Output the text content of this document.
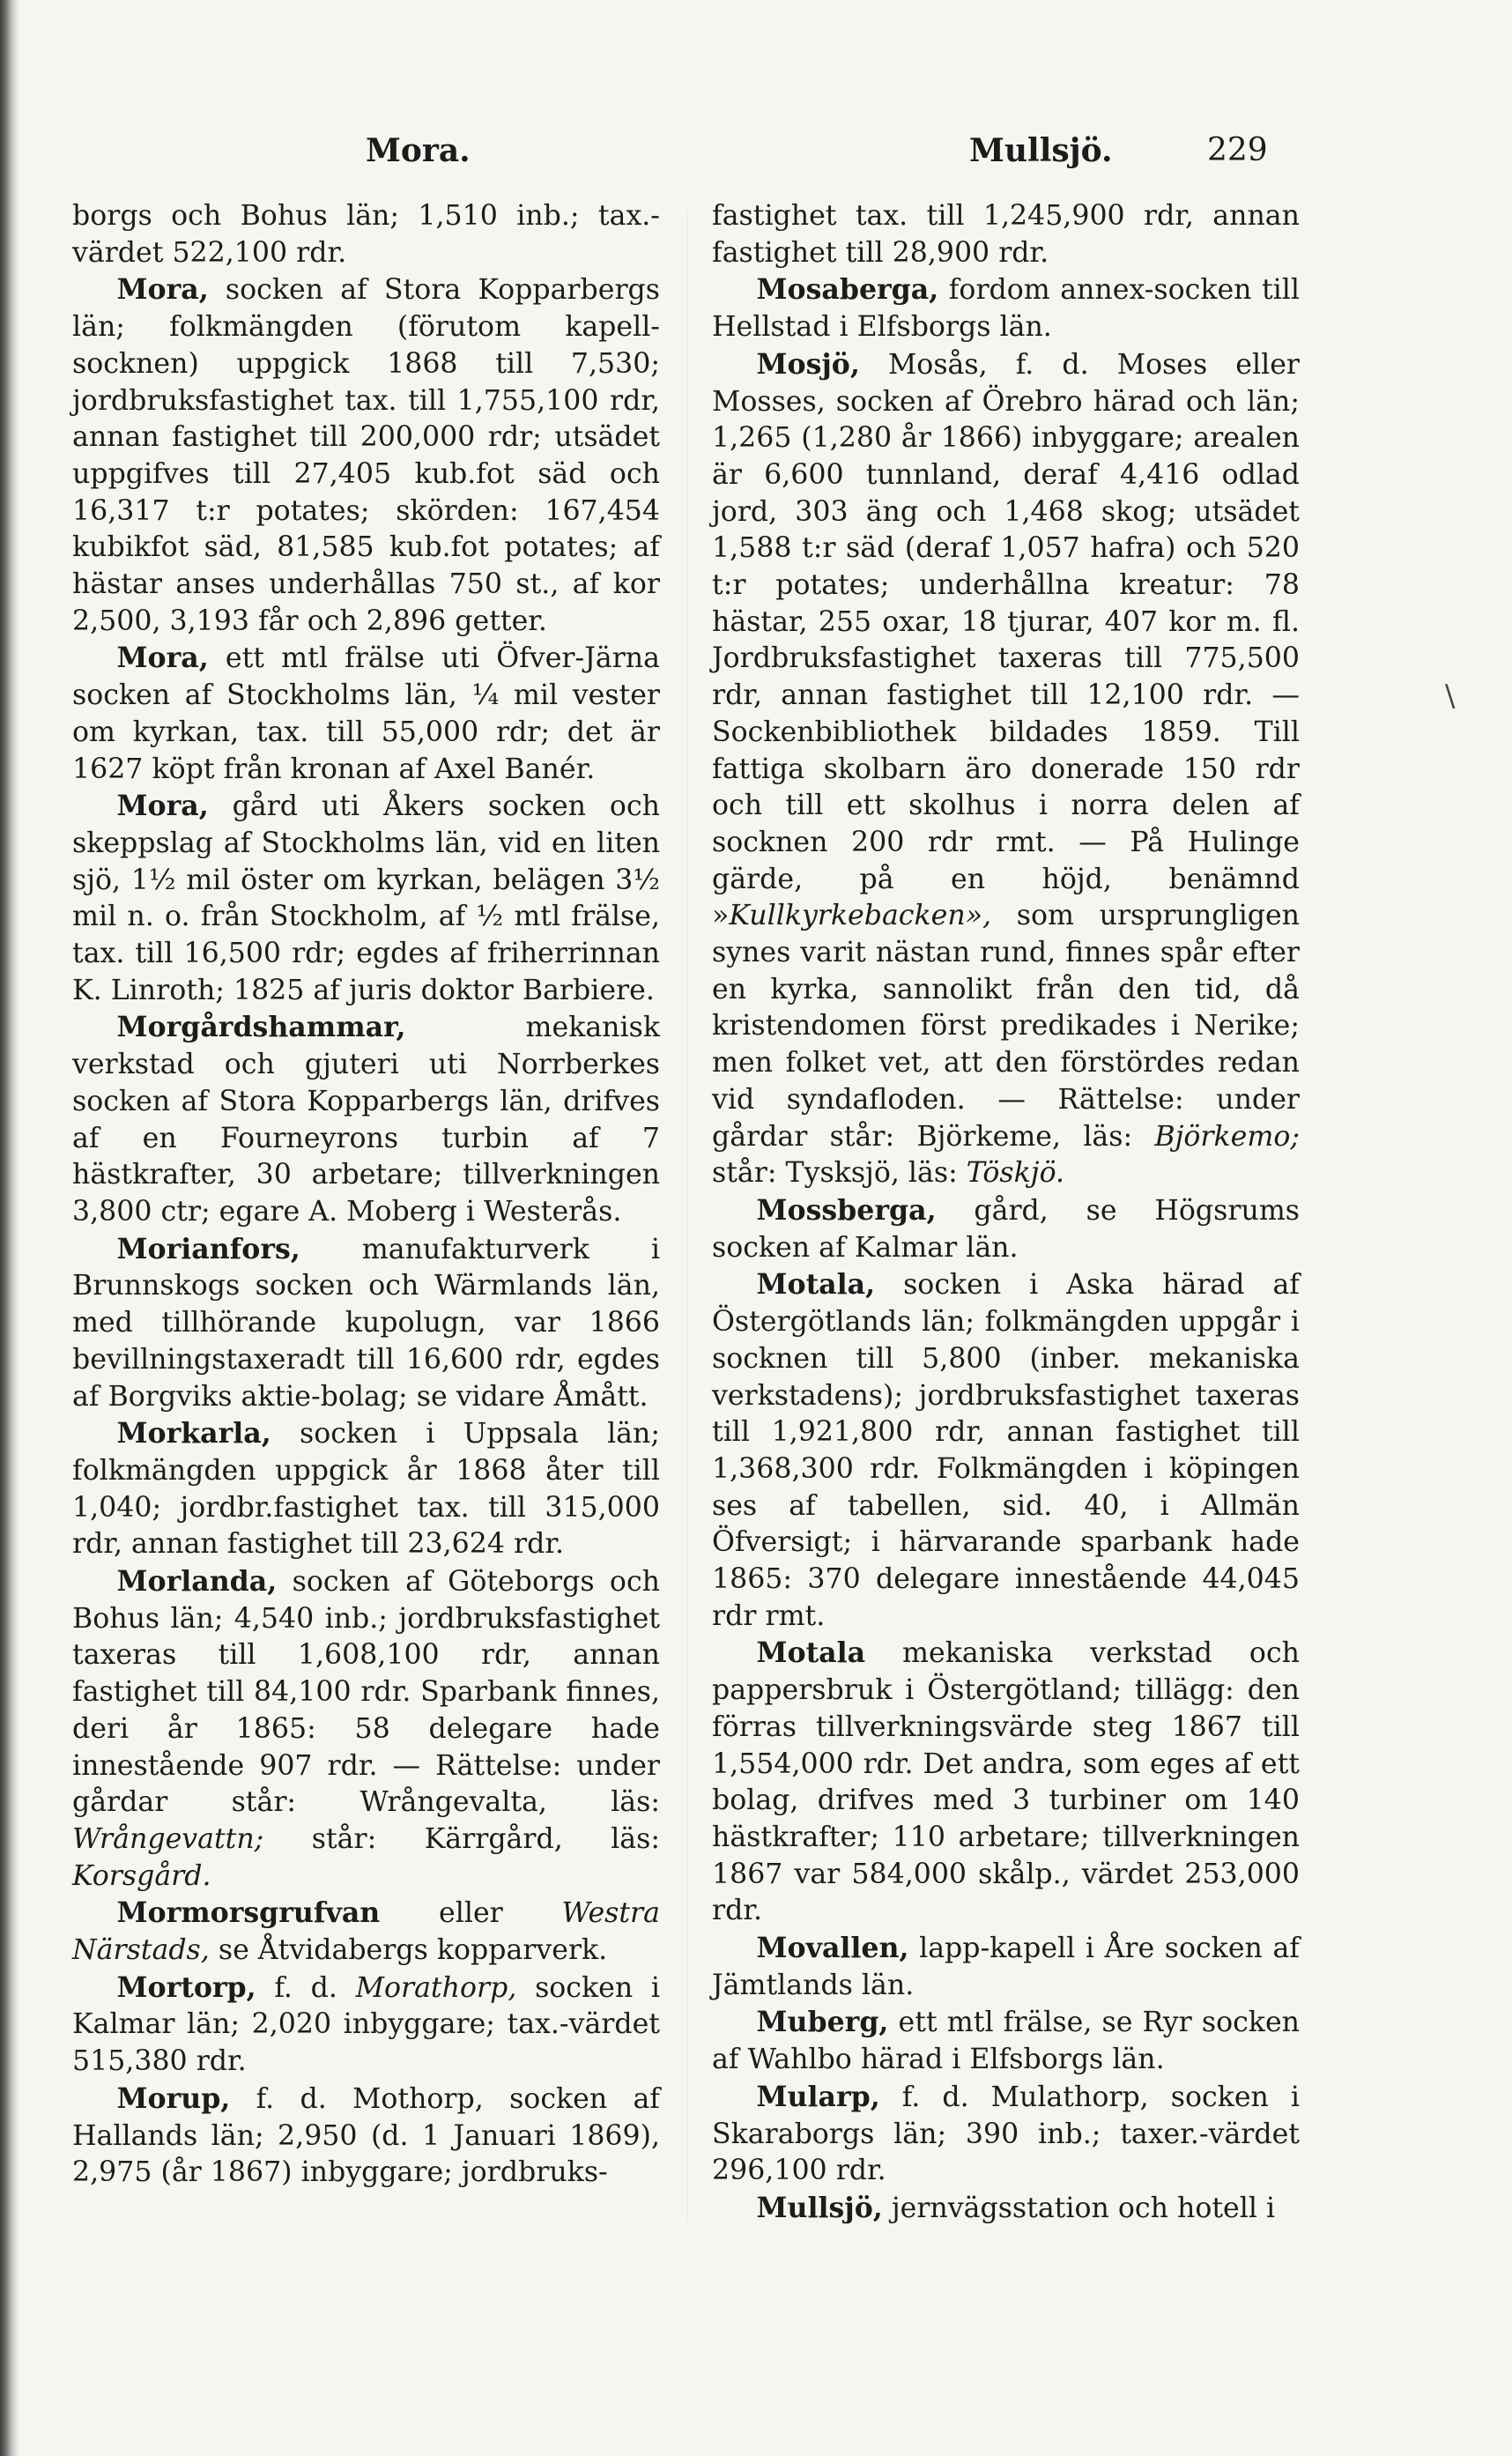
Mora.	Mullsjö.	229

borgs och Bohus län; 1,510 inb.; tax.-värdet 522,100 rdr.

Mora, socken af Stora Kopparbergs län; folkmängden (förutom kapell-socknen) uppgick 1868 till 7,530; jordbruksfastighet tax. till 1,755,100 rdr, annan fastighet till 200,000 rdr; utsädet uppgifves till 27,405 kub.fot säd och 16,317 t:r potates; skörden: 167,454 kubikfot säd, 81,585 kub.fot potates; af hästar anses underhållas 750 st., af kor 2,500, 3,193 får och 2,896 getter.

Mora, ett mtl frälse uti Öfver-Järna socken af Stockholms län, ¼ mil vester om kyrkan, tax. till 55,000 rdr; det är 1627 köpt från kronan af Axel Banér.

Mora, gård uti Åkers socken och skeppslag af Stockholms län, vid en liten sjö, 1½ mil öster om kyrkan, belägen 3½ mil n. o. från Stockholm, af ½ mtl frälse, tax. till 16,500 rdr; egdes af friherrinnan K. Linroth; 1825 af juris doktor Barbiere.

Morgårdshammar, mekanisk verkstad och gjuteri uti Norrberkes socken af Stora Kopparbergs län, drifves af en Fourneyrons turbin af 7 hästkrafter, 30 arbetare; tillverkningen 3,800 ctr; egare A. Moberg i Westerås.

Morianfors, manufakturverk i Brunnskogs socken och Wärmlands län, med tillhörande kupolugn, var 1866 bevillningstaxeradt till 16,600 rdr, egdes af Borgviks aktie-bolag; se vidare Åmått.

Morkarla, socken i Uppsala län; folkmängden uppgick år 1868 åter till 1,040; jordbr.fastighet tax. till 315,000 rdr, annan fastighet till 23,624 rdr.

Morlanda, socken af Göteborgs och Bohus län; 4,540 inb.; jordbruksfastighet taxeras till 1,608,100 rdr, annan fastighet till 84,100 rdr. Sparbank finnes, deri år 1865: 58 delegare hade innestående 907 rdr. — Rättelse: under gårdar står: Wrångevalta, läs: Wrångevattn; står: Kärrgård, läs: Korsgård.

Mormorsgrufvan eller Westra Närstads, se Åtvidabergs kopparverk.

Mortorp, f. d. Morathorp, socken i Kalmar län; 2,020 inbyggare; tax.-värdet 515,380 rdr.

Morup, f. d. Mothorp, socken af Hallands län; 2,950 (d. 1 Januari 1869), 2,975 (år 1867) inbyggare; jordbruks-

fastighet tax. till 1,245,900 rdr, annan fastighet till 28,900 rdr.

Mosaberga, fordom annex-socken till Hellstad i Elfsborgs län.

Mosjö, Mosås, f. d. Moses eller Mosses, socken af Örebro härad och län; 1,265 (1,280 år 1866) inbyggare; arealen är 6,600 tunnland, deraf 4,416 odlad jord, 303 äng och 1,468 skog; utsädet 1,588 t:r säd (deraf 1,057 hafra) och 520 t:r potates; underhållna kreatur: 78 hästar, 255 oxar, 18 tjurar, 407 kor m. fl. Jordbruksfastighet taxeras till 775,500 rdr, annan fastighet till 12,100 rdr. — Sockenbibliothek bildades 1859. Till fattiga skolbarn äro donerade 150 rdr och till ett skolhus i norra delen af socknen 200 rdr rmt. — På Hulinge gärde, på en höjd, benämnd »Kullkyrkebacken», som ursprungligen synes varit nästan rund, finnes spår efter en kyrka, sannolikt från den tid, då kristendomen först predikades i Nerike; men folket vet, att den förstördes redan vid syndafloden. — Rättelse: under gårdar står: Björkeme, läs: Björkemo; står: Tysksjö, läs: Töskjö.

Mossberga, gård, se Högsrums socken af Kalmar län.

Motala, socken i Aska härad af Östergötlands län; folkmängden uppgår i socknen till 5,800 (inber. mekaniska verkstadens); jordbruksfastighet taxeras till 1,921,800 rdr, annan fastighet till 1,368,300 rdr. Folkmängden i köpingen ses af tabellen, sid. 40, i Allmän Öfversigt; i härvarande sparbank hade 1865: 370 delegare innestående 44,045 rdr rmt.

Motala mekaniska verkstad och pappersbruk i Östergötland; tillägg: den förras tillverkningsvärde steg 1867 till 1,554,000 rdr. Det andra, som eges af ett bolag, drifves med 3 turbiner om 140 hästkrafter; 110 arbetare; tillverkningen 1867 var 584,000 skålp., värdet 253,000 rdr.

Movallen, lapp-kapell i Åre socken af Jämtlands län.

Muberg, ett mtl frälse, se Ryr socken af Wahlbo härad i Elfsborgs län.

Mularp, f. d. Mulathorp, socken i Skaraborgs län; 390 inb.; taxer.-värdet 296,100 rdr.

Mullsjö, jernvägsstation och hotell i

\
